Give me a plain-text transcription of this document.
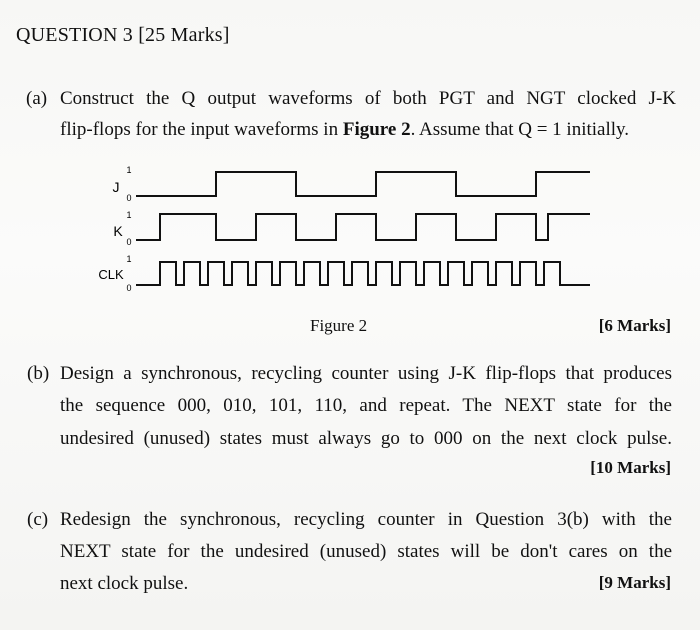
QUESTION 3 [25 Marks]
(a) Construct the Q output waveforms of both PGT and NGT clocked J-K
flip-flops for the input waveforms in Figure 2. Assume that Q = 1 initially.
J
1
0
K
1
0
CLK
1
0
Figure 2	[6 Marks]
(b) Design a synchronous, recycling counter using J-K flip-flops that produces
the sequence 000, 010, 101, 110, and repeat. The NEXT state for the
undesired (unused) states must always go to 000 on the next clock pulse.
[10 Marks]
(c) Redesign the synchronous, recycling counter in Question 3(b) with the
NEXT state for the undesired (unused) states will be don't cares on the
next clock pulse.	[9 Marks]
